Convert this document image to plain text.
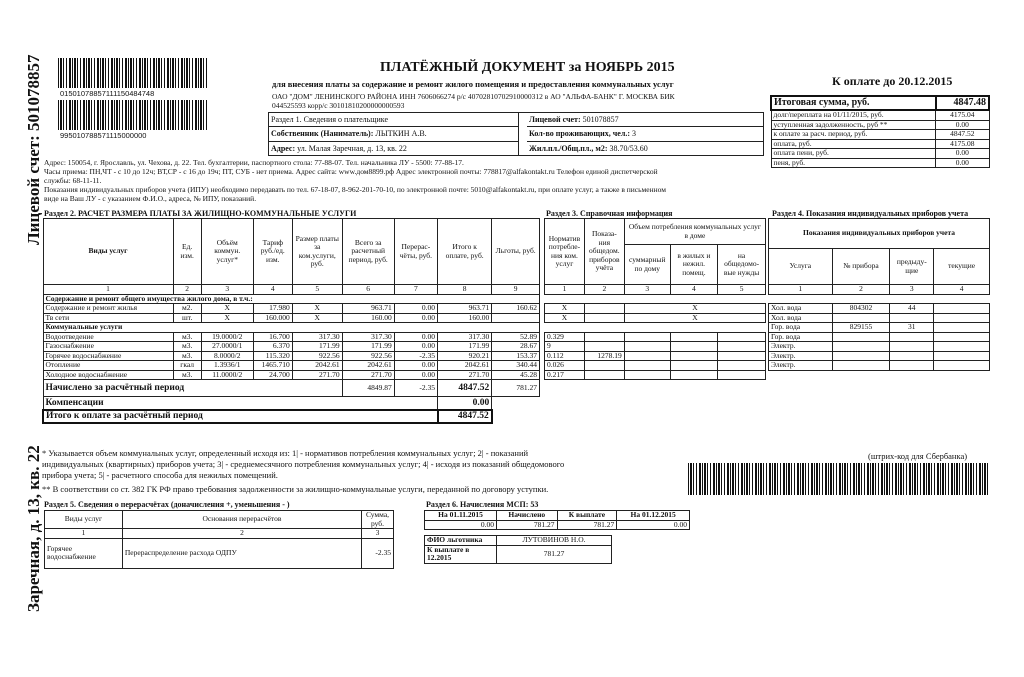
Лицевой счет: 501078857
Заречная, д. 13, кв. 22
01501078857111150484748
995010788571115000000
ПЛАТЁЖНЫЙ ДОКУМЕНТ за НОЯБРЬ 2015
для внесения платы за содержание и ремонт жилого помещения и предоставления коммунальных услуг	К оплате до 20.12.2015
ОАО "ДОМ" ЛЕНИНСКОГО РАЙОНА ИНН 7606066274 р/с 40702810702910000312 в АО "АЛЬФА-БАНК" Г. МОСКВА БИК
044525593 корр/с 30101810200000000593
Раздел 1. Сведения о плательщике
Собственник (Наниматель): ЛЫТКИН А.В.
Адрес: ул. Малая Заречная, д. 13, кв. 22
Лицевой счет: 501078857
Кол-во проживающих, чел.: 3
Жил.пл./Общ.пл., м2: 38.70/53.60
Итоговая сумма, руб.	4847.48
долг/переплата на 01/11/2015, руб.	4175.04
уступленная задолженность, руб **	0.00
к оплате за расч. период, руб.	4847.52
оплата, руб.	4175.08
оплата пени, руб.	0.00
пеня, руб.	0.00
Адрес: 150054, г. Ярославль, ул. Чехова, д. 22. Тел. бухгалтерии, паспортного стола: 77-88-07. Тел. начальника ЛУ - 5500: 77-88-17.
Часы приема: ПН,ЧТ - с 10 до 12ч; ВТ,СР - с 16 до 19ч; ПТ, СУБ - нет приема. Адрес сайта: www.дом8899.рф Адрес электронной почты: 778817@alfakontakt.ru Телефон единой диспетчерской
службы: 68-11-11.
Показания индивидуальных приборов учета (ИПУ) необходимо передавать по тел. 67-18-07, 8-962-201-70-10, по электронной почте: 5010@alfakontakt.ru, при оплате услуг, а также в письменном
виде на Ваш ЛУ - с указанием Ф.И.О., адреса, № ИПУ, показаний.
Раздел 2. РАСЧЕТ РАЗМЕРА ПЛАТЫ ЗА ЖИЛИЩНО-КОММУНАЛЬНЫЕ УСЛУГИ
Виды услуг	Ед. изм.	Объём коммун. услуг*	Тариф руб./ед. изм.	Размер платы за ком.услуги, руб.	Всего за расчетный период, руб.	Перерас-чёты, руб.	Итого к оплате, руб.	Льготы, руб.
1	2	3	4	5	6	7	8	9
Содержание и ремонт общего имущества жилого дома, в т.ч.:								
Содержание и ремонт жилья	м2.	X	17.980	X	963.71	0.00	963.71	160.62
Тв сети	шт.	X	160.000	X	160.00	0.00	160.00	
Коммунальные услуги								
Водоотведение	м3.	19.0000/2	16.700	317.30	317.30	0.00	317.30	52.89
Газоснабжение	м3.	27.0000/1	6.370	171.99	171.99	0.00	171.99	28.67
Горячее водоснабжение	м3.	8.0000/2	115.320	922.56	922.56	-2.35	920.21	153.37
Отопление	гкал	1.3936/1	1465.710	2042.61	2042.61	0.00	2042.61	340.44
Холодное водоснабжение	м3.	11.0000/2	24.700	271.70	271.70	0.00	271.70	45.28
Начислено за расчётный период					4849.87	-2.35	4847.52	781.27
Компенсации							0.00	
Итого к оплате за расчётный период							4847.52	
Раздел 3. Справочная информация
Норматив потребле-ния ком. услуг	Показа-ния общедом. приборов учёта	Объем потребления коммунальных услуг в доме		
		суммарный по дому	в жилых и нежил. помещ.	на общедомо-вые нужды
1	2	3	4	5

X		X		
X		X		

0.329				
9				
0.112	1278.19			
0.026				
0.217				
Раздел 4. Показания индивидуальных приборов учета
Показания индивидуальных приборов учета			
Услуга	№ прибора	предыду-щие	текущие
1	2	3	4

Хол. вода	804302	44	
Хол. вода			
Гор. вода	829155	31	
Гор. вода			
Электр.			
Электр.			
Электр.			
* Указывается объем коммунальных услуг, определенный исходя из: 1| - нормативов потребления коммунальных услуг; 2| - показаний
индивидуальных (квартирных) приборов учета; 3| - среднемесячного потребления коммунальных услуг; 4| - исходя из показаний общедомового
прибора учета; 5| - расчетного способа для нежилых помещений.
** В соответствии со ст. 382 ГК РФ право требования задолженности за жилищно-коммунальные услуги, переданной по договору уступки.
(штрих-код для Сбербанка)
Раздел 5. Сведения о перерасчётах (доначисления +, уменьшения - )
Виды услуг	Основания перерасчётов	Сумма, руб.
1	2	3
Горячее водоснабжение	Перераспределение расхода ОДПУ	-2.35
Раздел 6. Начисления МСП: 53
На 01.11.2015	Начислено	К выплате	На 01.12.2015
0.00	781.27	781.27	0.00
ФИО льготника	ЛУТОВИНОВ Н.О.
К выплате в 12.2015	781.27
